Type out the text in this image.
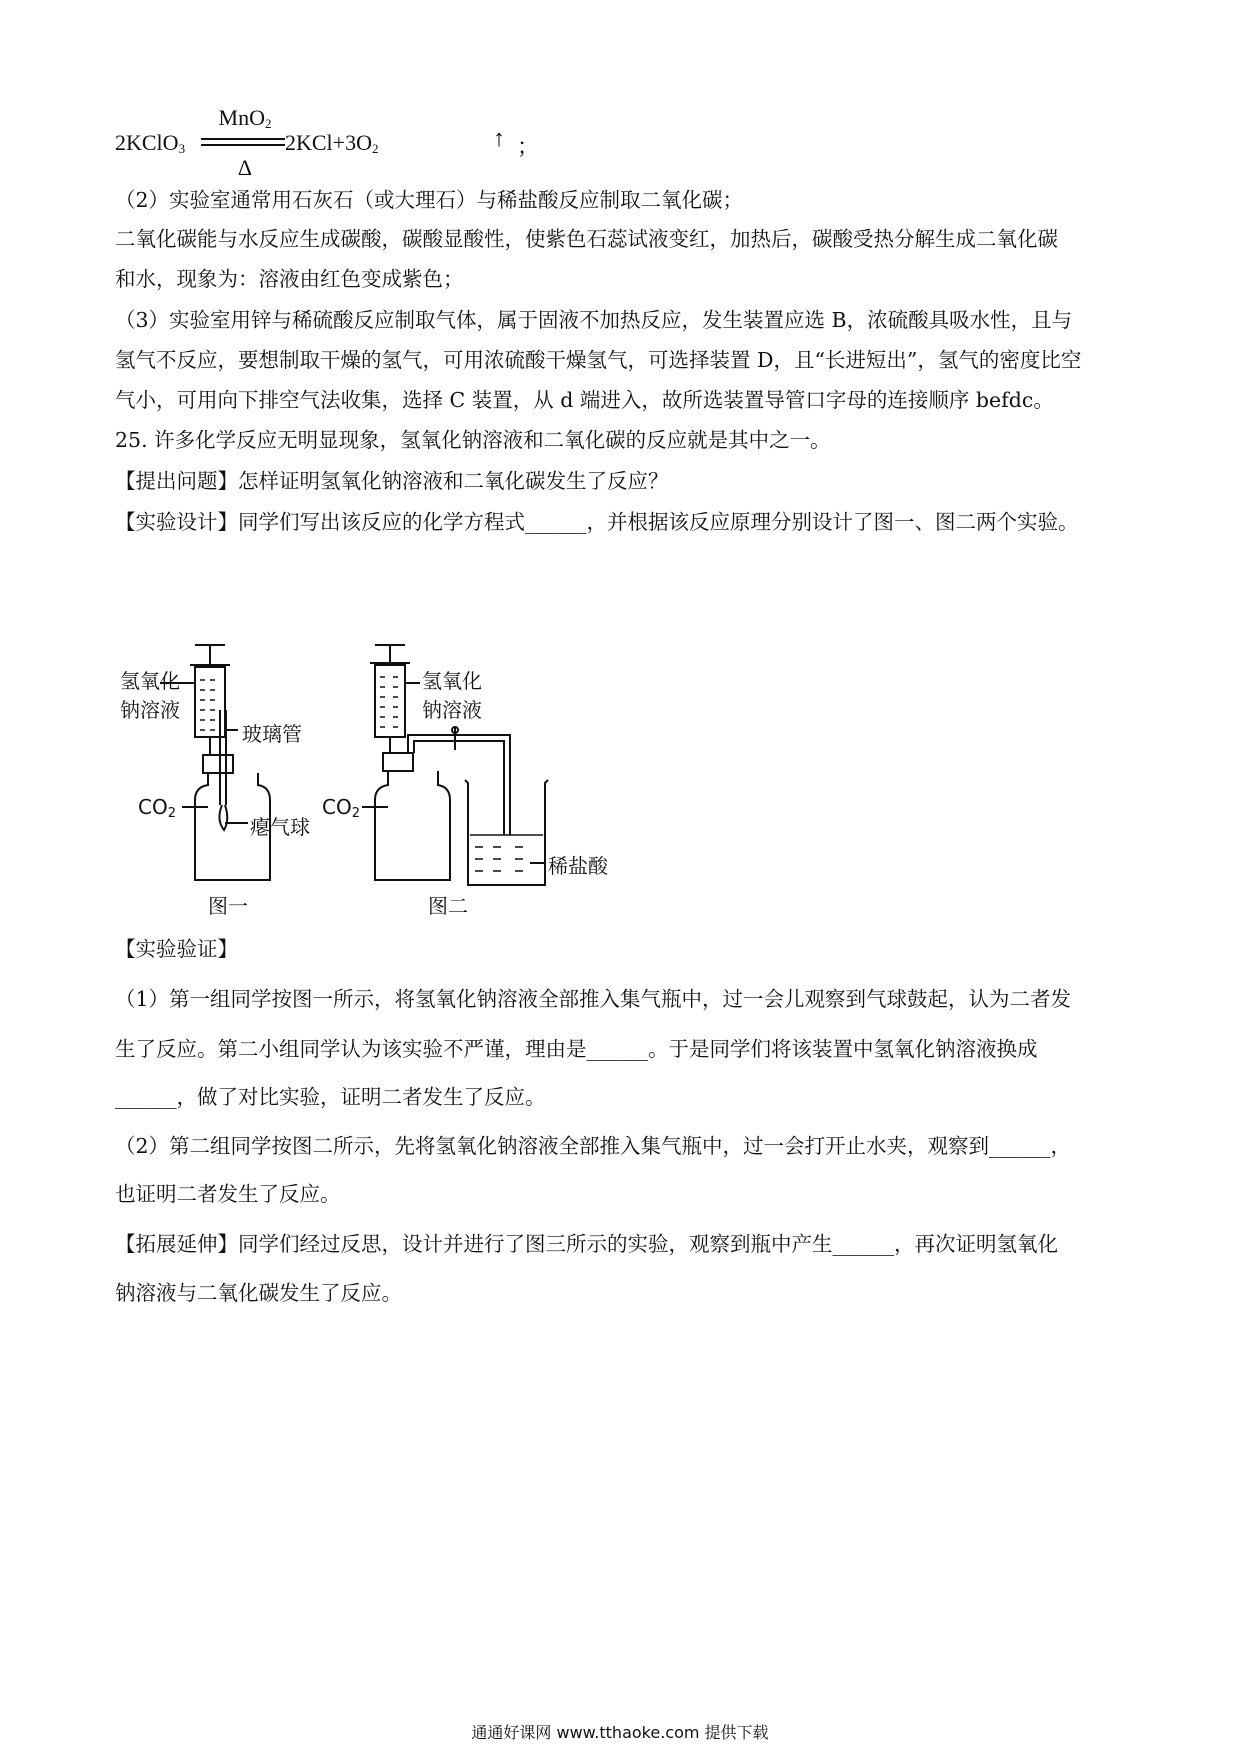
2KClO$_3$
MnO$_2$
Δ
$2KCl+3O_2$	↑ ；
（2）实验室通常用石灰石（或大理石）与稀盐酸反应制取二氧化碳；
二氧化碳能与水反应生成碳酸，碳酸显酸性，使紫色石蕊试液变红，加热后，碳酸受热分解生成二氧化碳
和水，现象为：溶液由红色变成紫色；
（3）实验室用锌与稀硫酸反应制取气体，属于固液不加热反应，发生装置应选 B，浓硫酸具吸水性，且与
氢气不反应，要想制取干燥的氢气，可用浓硫酸干燥氢气，可选择装置 D，且“长进短出”，氢气的密度比空
气小，可用向下排空气法收集，选择 C 装置，从 d 端进入，故所选装置导管口字母的连接顺序 befdc。
25. 许多化学反应无明显现象，氢氧化钠溶液和二氧化碳的反应就是其中之一。
【提出问题】怎样证明氢氧化钠溶液和二氧化碳发生了反应？
【实验设计】同学们写出该反应的化学方程式______，并根据该反应原理分别设计了图一、图二两个实验。
氢氧化
钠溶液
玻璃管
$CO_2$
瘪气球
图一
氢氧化
钠溶液
$CO_2$
稀盐酸
图二
【实验验证】
（1）第一组同学按图一所示，将氢氧化钠溶液全部推入集气瓶中，过一会儿观察到气球鼓起，认为二者发
生了反应。第二小组同学认为该实验不严谨，理由是______。于是同学们将该装置中氢氧化钠溶液换成
______，做了对比实验，证明二者发生了反应。
（2）第二组同学按图二所示，先将氢氧化钠溶液全部推入集气瓶中，过一会打开止水夹，观察到______，
也证明二者发生了反应。
【拓展延伸】同学们经过反思，设计并进行了图三所示的实验，观察到瓶中产生______，再次证明氢氧化
钠溶液与二氧化碳发生了反应。
通通好课网 www.tthaoke.com 提供下载
